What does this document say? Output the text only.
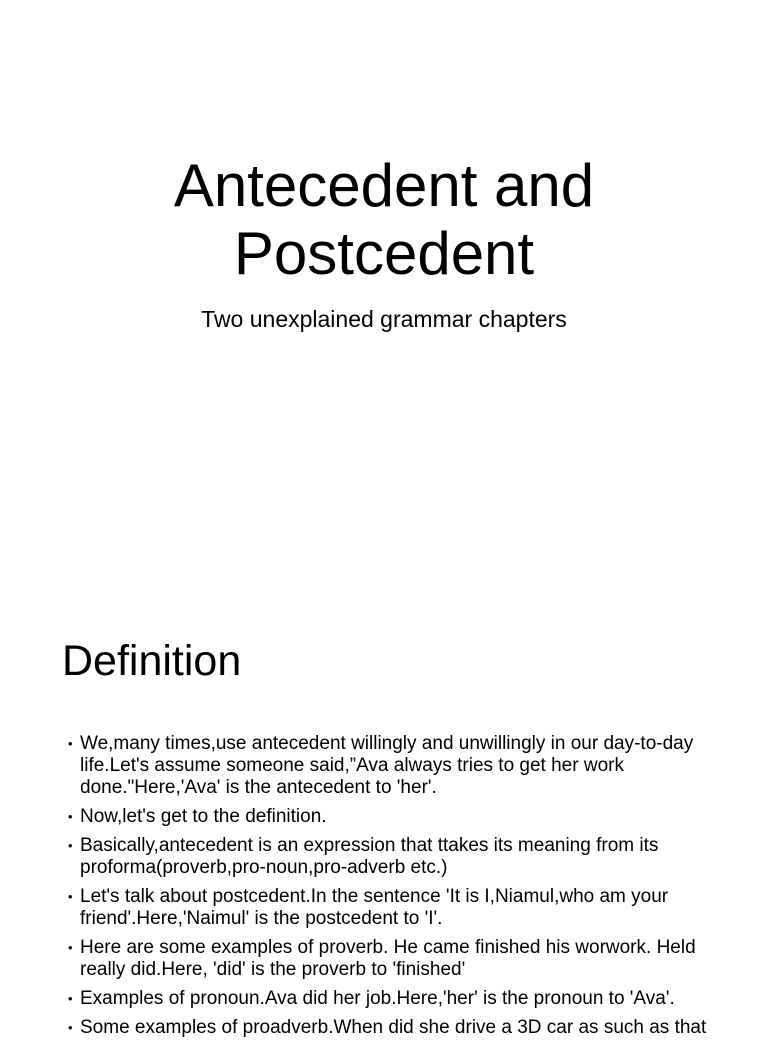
Antecedent and
Postcedent

Two unexplained grammar chapters

Definition
• We,many times,use antecedent willingly and unwillingly in our day-to-day life.Let's assume someone said,”Ava always tries to get her work done."Here,'Ava' is the antecedent to 'her'.
• Now,let's get to the definition.
• Basically,antecedent is an expression that ttakes its meaning from its proforma(proverb,pro-noun,pro-adverb etc.)
• Let's talk about postcedent.In the sentence 'It is I,Niamul,who am your friend'.Here,'Naimul' is the postcedent to 'I'.
• Here are some examples of proverb. He came finished his worwork. Held really did.Here, 'did' is the proverb to 'finished'
• Examples of pronoun.Ava did her job.Here,'her' is the pronoun to 'Ava'.
• Some examples of proadverb.When did she drive a 3D car as such as that
